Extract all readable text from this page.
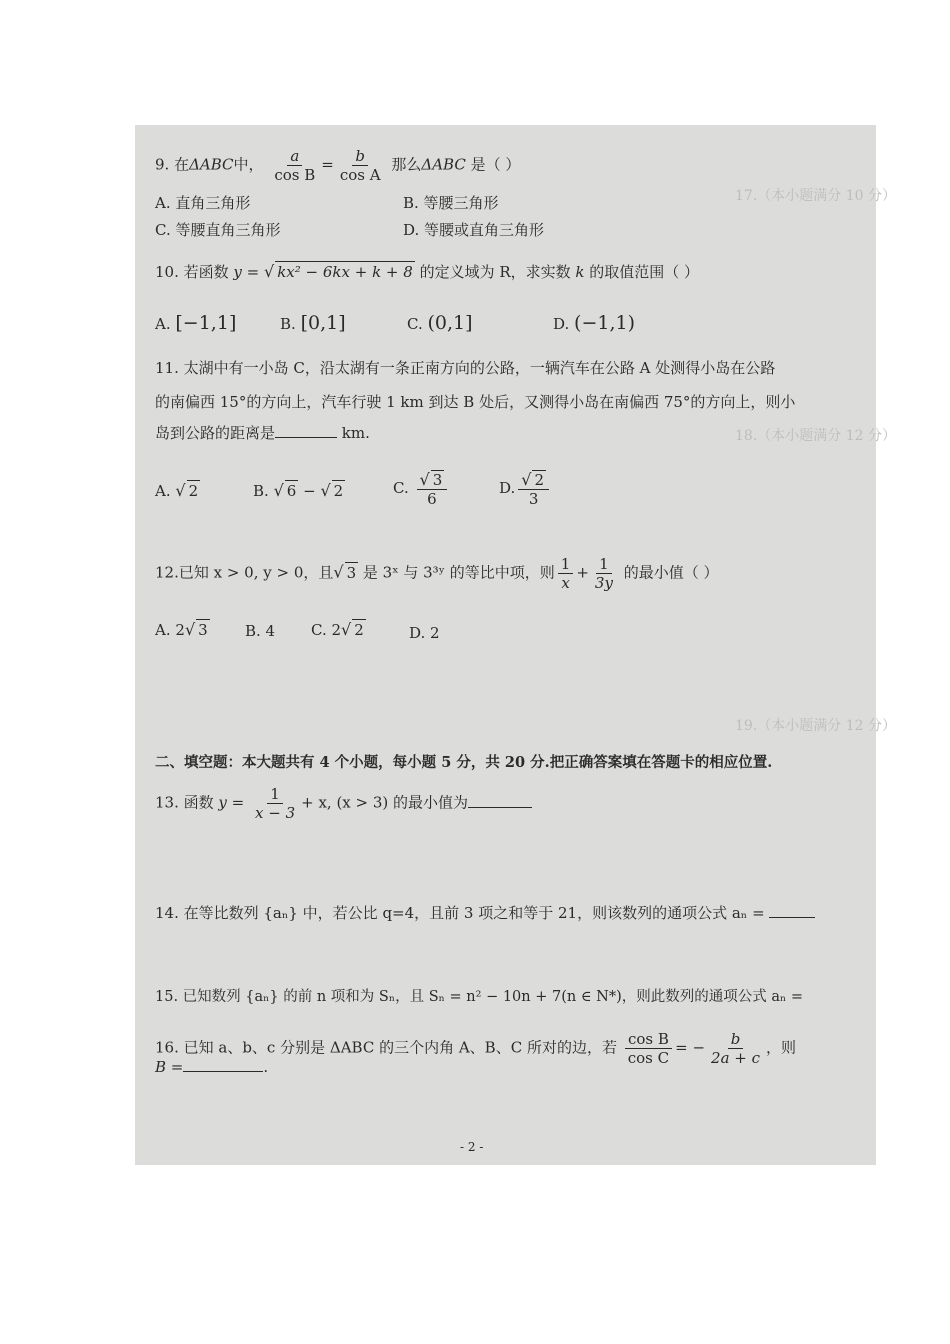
17.（本小题满分 10 分）
18.（本小题满分 12 分）
19.（本小题满分 12 分）
9. 在ΔABC中， $\frac{a}{\text{cos B}} = \frac{b}{\text{cos A}}$ 那么ΔABC 是（ ）
A. 直角三角形	B. 等腰三角形
C. 等腰直角三角形	D. 等腰或直角三角形
10. 若函数 y = √ kx² − 6kx + k + 8 的定义域为 R，求实数 k 的取值范围（ ）
A. [−1,1]	B. [0,1]	C. (0,1]	D. (−1,1)
11. 太湖中有一小岛 C，沿太湖有一条正南方向的公路，一辆汽车在公路 A 处测得小岛在公路
的南偏西 15°的方向上，汽车行驶 1 km 到达 B 处后，又测得小岛在南偏西 75°的方向上，则小
岛到公路的距离是	km.
A. √ 2	B. √ 6 − √ 2	C. $\frac{√ 3}{6}$	D. $\frac{√ 2}{3}$
12.已知 x > 0, y > 0，且√ 3 是 3ˣ 与 3³ʸ 的等比中项，则 $\frac{1}{x} + \frac{1}{3y}$ 的最小值（ ）
A. 2√ 3 B. 4 C. 2√ 2	D. 2
二、填空题：本大题共有 4 个小题，每小题 5 分，共 20 分.把正确答案填在答题卡的相应位置.
13. 函数 $y = \frac{1}{x - 3} + x$, (x > 3) 的最小值为
14. 在等比数列 {aₙ} 中，若公比 q=4，且前 3 项之和等于 21，则该数列的通项公式 aₙ =
15. 已知数列 {aₙ} 的前 n 项和为 Sₙ，且 Sₙ = n² − 10n + 7(n ∈ N*)，则此数列的通项公式 aₙ =
16. 已知 a、b、c 分别是 ΔABC 的三个内角 A、B、C 所对的边，若 $\frac{\text{cos B}}{\text{cos C}}$ = − $\frac{b}{2a + c}$ ，则
B =	.
- 2 -
